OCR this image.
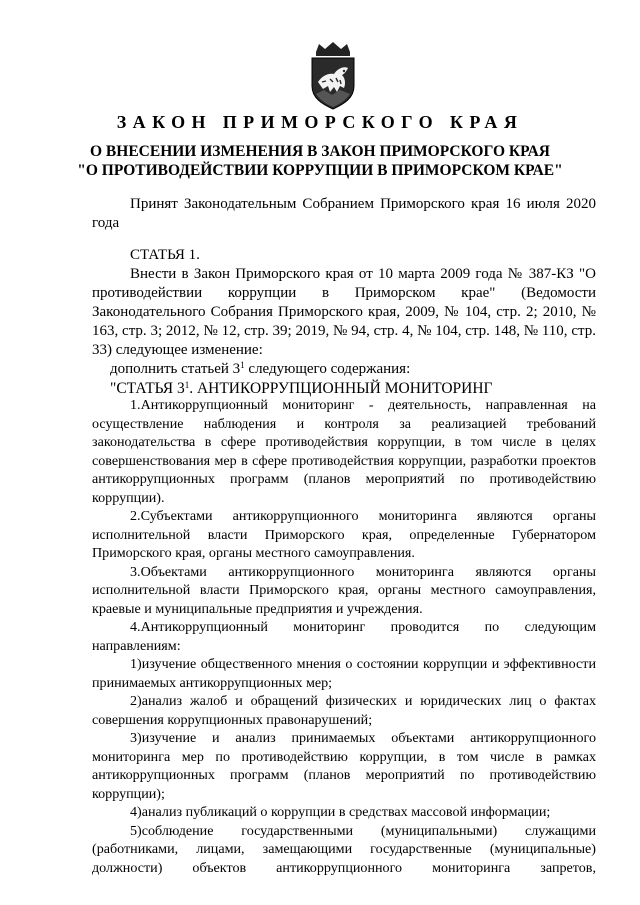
ЗАКОН ПРИМОРСКОГО КРАЯ
О ВНЕСЕНИИ ИЗМЕНЕНИЯ В ЗАКОН ПРИМОРСКОГО КРАЯ
"О ПРОТИВОДЕЙСТВИИ КОРРУПЦИИ В ПРИМОРСКОМ КРАЕ"

Принят Законодательным Собранием Приморского края 16 июля 2020 года

СТАТЬЯ 1.

Внести в Закон Приморского края от 10 марта 2009 года № 387-КЗ "О противодействии коррупции в Приморском крае" (Ведомости Законодательного Собрания Приморского края, 2009, № 104, стр. 2; 2010, № 163, стр. 3; 2012, № 12, стр. 39; 2019, № 94, стр. 4, № 104, стр. 148, № 110, стр. 33) следующее изменение:

дополнить статьей $3^1$ следующего содержания:

"СТАТЬЯ $3^1$. АНТИКОРРУПЦИОННЫЙ МОНИТОРИНГ

1.Антикоррупционный мониторинг - деятельность, направленная на осуществление наблюдения и контроля за реализацией требований законодательства в сфере противодействия коррупции, в том числе в целях совершенствования мер в сфере противодействия коррупции, разработки проектов антикоррупционных программ (планов мероприятий по противодействию коррупции).

2.Субъектами антикоррупционного мониторинга являются органы исполнительной власти Приморского края, определенные Губернатором Приморского края, органы местного самоуправления.

3.Объектами антикоррупционного мониторинга являются органы исполнительной власти Приморского края, органы местного самоуправления, краевые и муниципальные предприятия и учреждения.

4.Антикоррупционный мониторинг проводится по следующим направлениям:

1)изучение общественного мнения о состоянии коррупции и эффективности принимаемых антикоррупционных мер;

2)анализ жалоб и обращений физических и юридических лиц о фактах совершения коррупционных правонарушений;

3)изучение и анализ принимаемых объектами антикоррупционного мониторинга мер по противодействию коррупции, в том числе в рамках антикоррупционных программ (планов мероприятий по противодействию коррупции);

4)анализ публикаций о коррупции в средствах массовой информации;

5)соблюдение государственными (муниципальными) служащими (работниками, лицами, замещающими государственные (муниципальные) должности) объектов антикоррупционного мониторинга запретов,
